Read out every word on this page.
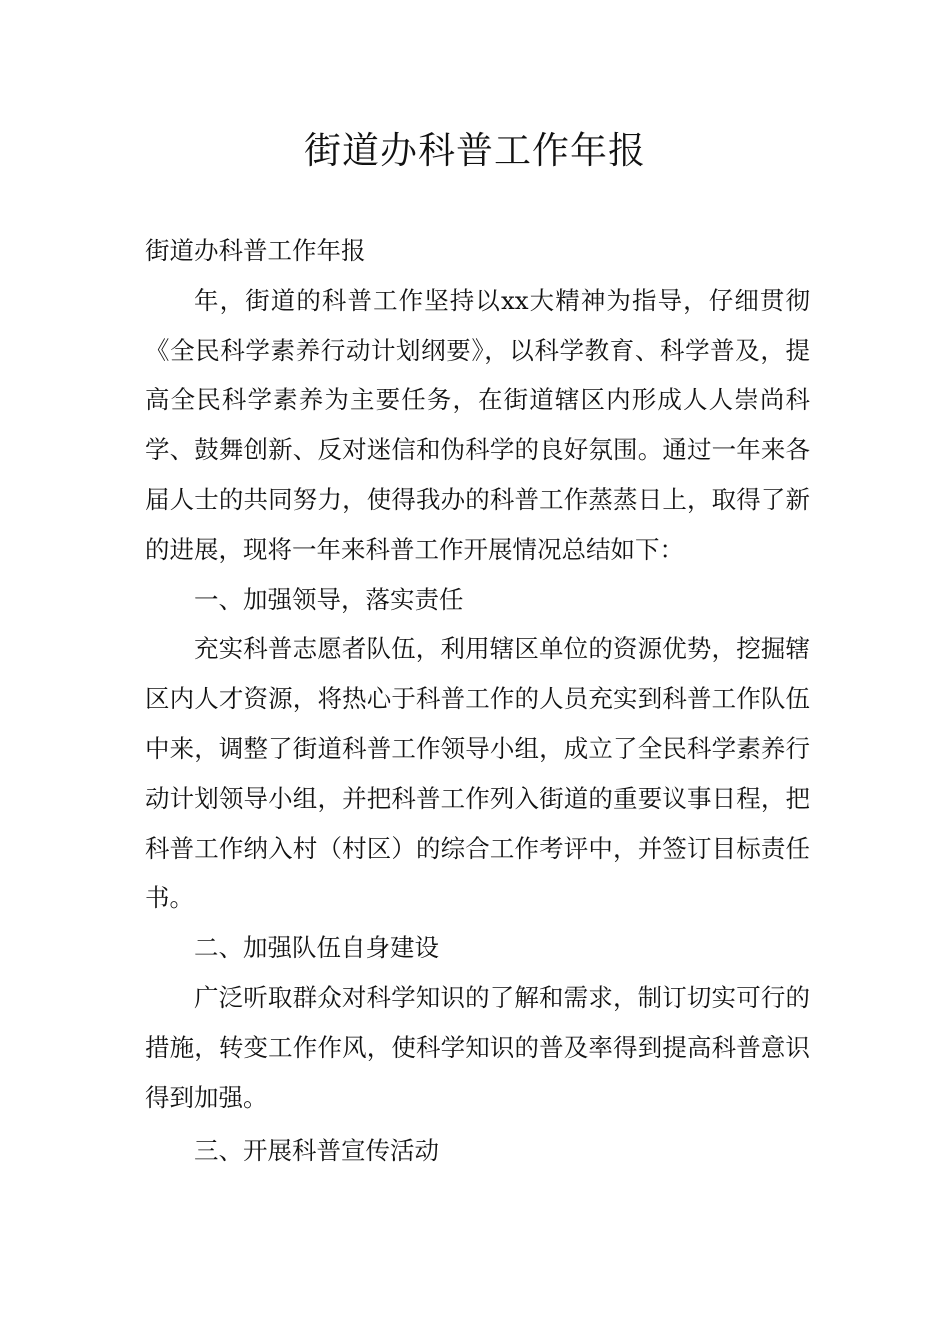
街道办科普工作年报

街道办科普工作年报

年，街道的科普工作坚持以xx大精神为指导，仔细贯彻《全民科学素养行动计划纲要》，以科学教育、科学普及，提高全民科学素养为主要任务，在街道辖区内形成人人崇尚科学、鼓舞创新、反对迷信和伪科学的良好氛围。通过一年来各届人士的共同努力，使得我办的科普工作蒸蒸日上，取得了新的进展，现将一年来科普工作开展情况总结如下：

一、加强领导，落实责任

充实科普志愿者队伍，利用辖区单位的资源优势，挖掘辖区内人才资源，将热心于科普工作的人员充实到科普工作队伍中来，调整了街道科普工作领导小组，成立了全民科学素养行动计划领导小组，并把科普工作列入街道的重要议事日程，把科普工作纳入村（村区）的综合工作考评中，并签订目标责任书。

二、加强队伍自身建设

广泛听取群众对科学知识的了解和需求，制订切实可行的措施，转变工作作风，使科学知识的普及率得到提高科普意识得到加强。

三、开展科普宣传活动
